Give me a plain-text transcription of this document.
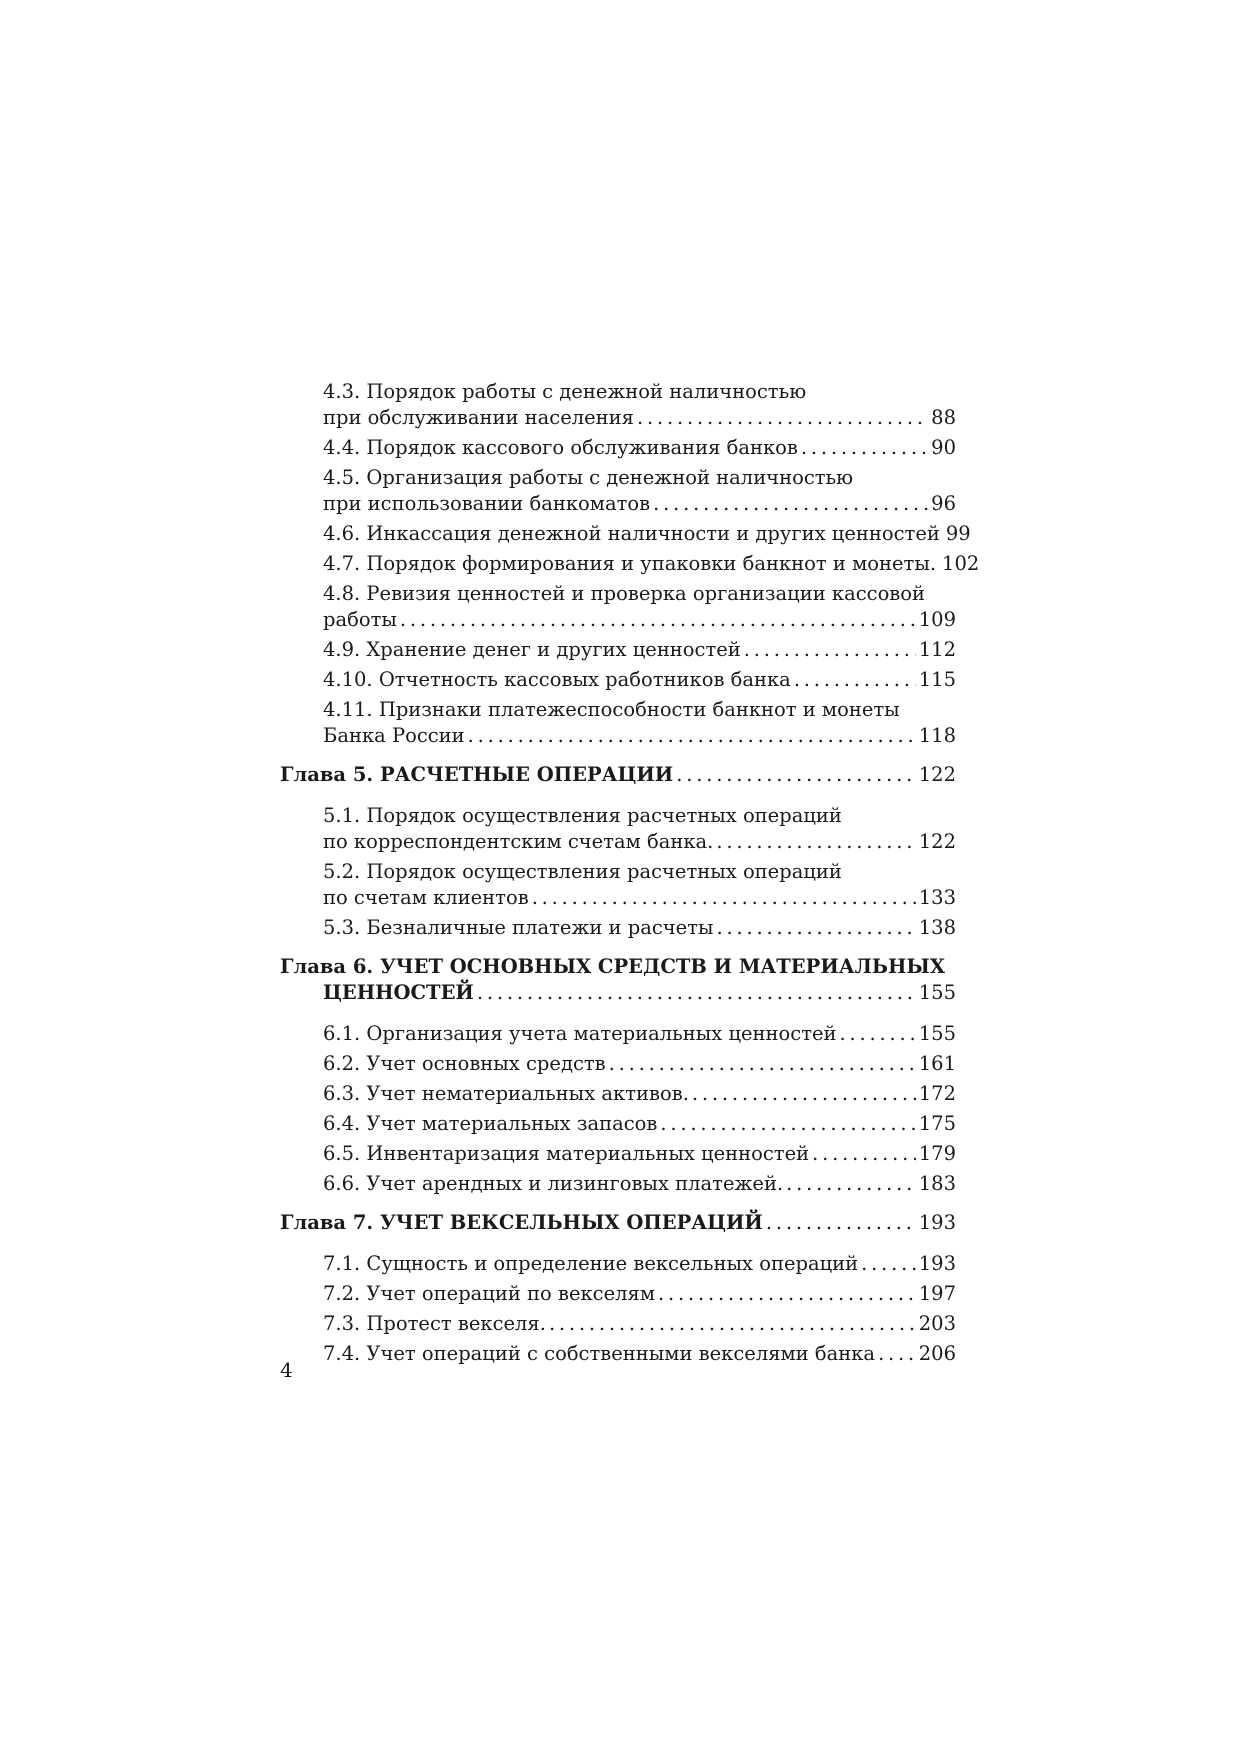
4.3. Порядок работы с денежной наличностью
при обслуживании населения . . .	88
4.4. Порядок кассового обслуживания банков . . .	90
4.5. Организация работы с денежной наличностью
при использовании банкоматов . . .	96
4.6. Инкассация денежной наличности и других ценностей 99
4.7. Порядок формирования и упаковки банкнот и монеты. 102
4.8. Ревизия ценностей и проверка организации кассовой
работы . . .	109
4.9. Хранение денег и других ценностей . . .	112
4.10. Отчетность кассовых работников банка . . .	115
4.11. Признаки платежеспособности банкнот и монеты
Банка России . . .	118
Глава 5. РАСЧЕТНЫЕ ОПЕРАЦИИ . . .	122
5.1. Порядок осуществления расчетных операций
по корреспондентским счетам банка. . . .	122
5.2. Порядок осуществления расчетных операций
по счетам клиентов . . .	133
5.3. Безналичные платежи и расчеты . . .	138
Глава 6. УЧЕТ ОСНОВНЫХ СРЕДСТВ И МАТЕРИАЛЬНЫХ
ЦЕННОСТЕЙ . . .	155
6.1. Организация учета материальных ценностей . . .	155
6.2. Учет основных средств . . .	161
6.3. Учет нематериальных активов. . . .	172
6.4. Учет материальных запасов . . .	175
6.5. Инвентаризация материальных ценностей . . .	179
6.6. Учет арендных и лизинговых платежей. . . .	183
Глава 7. УЧЕТ ВЕКСЕЛЬНЫХ ОПЕРАЦИЙ . . .	193
7.1. Сущность и определение вексельных операций . . .	193
7.2. Учет операций по векселям . . .	197
7.3. Протест векселя. . . .	203
7.4. Учет операций с собственными векселями банка . . . 206
4
